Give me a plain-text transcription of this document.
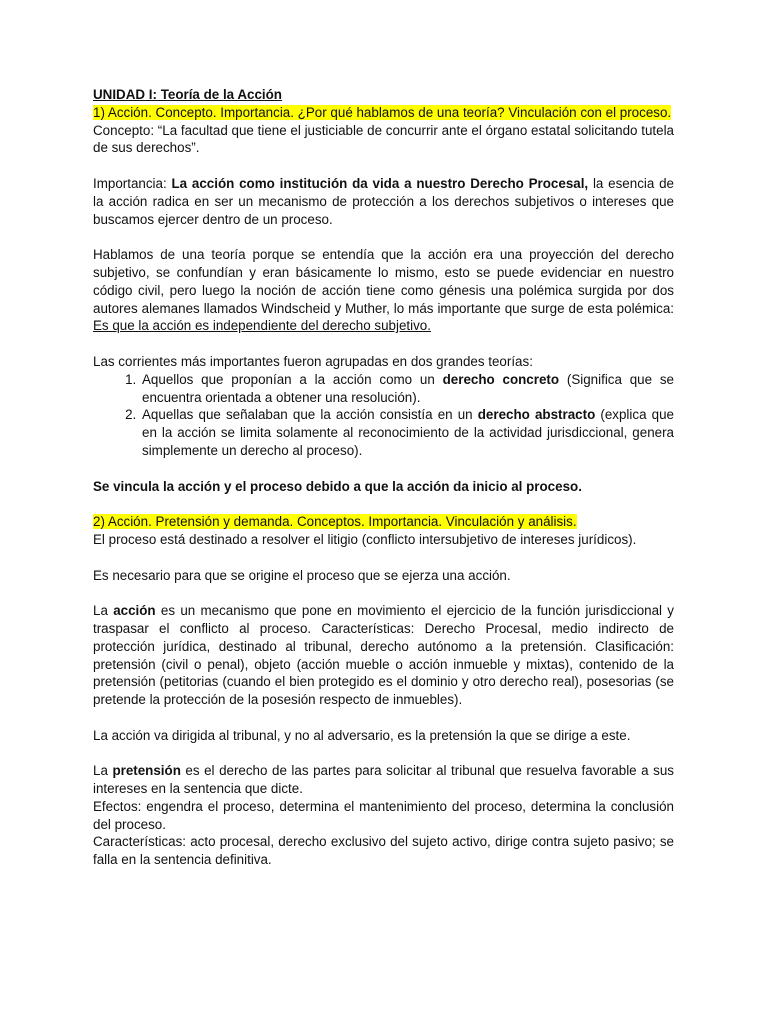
UNIDAD I: Teoría de la Acción

1) Acción. Concepto. Importancia. ¿Por qué hablamos de una teoría? Vinculación con el proceso.

Concepto: “La facultad que tiene el justiciable de concurrir ante el órgano estatal solicitando tutela de sus derechos”.

Importancia: La acción como institución da vida a nuestro Derecho Procesal, la esencia de la acción radica en ser un mecanismo de protección a los derechos subjetivos o intereses que buscamos ejercer dentro de un proceso.

Hablamos de una teoría porque se entendía que la acción era una proyección del derecho subjetivo, se confundían y eran básicamente lo mismo, esto se puede evidenciar en nuestro código civil, pero luego la noción de acción tiene como génesis una polémica surgida por dos autores alemanes llamados Windscheid y Muther, lo más importante que surge de esta polémica: Es que la acción es independiente del derecho subjetivo.

Las corrientes más importantes fueron agrupadas en dos grandes teorías:

1. Aquellos que proponían a la acción como un derecho concreto (Significa que se encuentra orientada a obtener una resolución).
2. Aquellas que señalaban que la acción consistía en un derecho abstracto (explica que en la acción se limita solamente al reconocimiento de la actividad jurisdiccional, genera simplemente un derecho al proceso).

Se vincula la acción y el proceso debido a que la acción da inicio al proceso.

2) Acción. Pretensión y demanda. Conceptos. Importancia. Vinculación y análisis.

El proceso está destinado a resolver el litigio (conflicto intersubjetivo de intereses jurídicos).

Es necesario para que se origine el proceso que se ejerza una acción.

La acción es un mecanismo que pone en movimiento el ejercicio de la función jurisdiccional y traspasar el conflicto al proceso. Características: Derecho Procesal, medio indirecto de protección jurídica, destinado al tribunal, derecho autónomo a la pretensión. Clasificación: pretensión (civil o penal), objeto (acción mueble o acción inmueble y mixtas), contenido de la pretensión (petitorias (cuando el bien protegido es el dominio y otro derecho real), posesorias (se pretende la protección de la posesión respecto de inmuebles).

La acción va dirigida al tribunal, y no al adversario, es la pretensión la que se dirige a este.

La pretensión es el derecho de las partes para solicitar al tribunal que resuelva favorable a sus intereses en la sentencia que dicte.

Efectos: engendra el proceso, determina el mantenimiento del proceso, determina la conclusión del proceso.

Características: acto procesal, derecho exclusivo del sujeto activo, dirige contra sujeto pasivo; se falla en la sentencia definitiva.
